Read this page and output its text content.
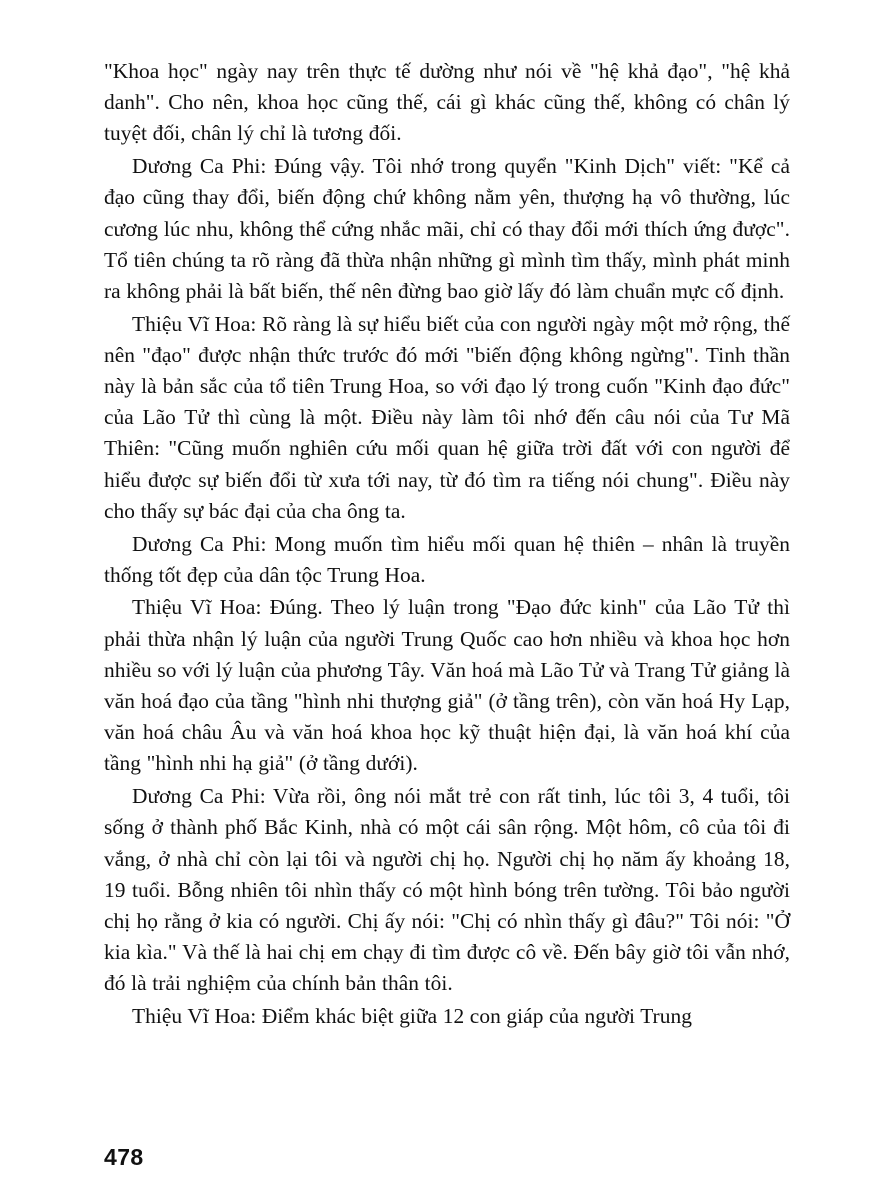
"Khoa học" ngày nay trên thực tế dường như nói về "hệ khả đạo", "hệ khả danh". Cho nên, khoa học cũng thế, cái gì khác cũng thế, không có chân lý tuyệt đối, chân lý chỉ là tương đối.

Dương Ca Phi: Đúng vậy. Tôi nhớ trong quyển "Kinh Dịch" viết: "Kể cả đạo cũng thay đổi, biến động chứ không nằm yên, thượng hạ vô thường, lúc cương lúc nhu, không thể cứng nhắc mãi, chỉ có thay đổi mới thích ứng được". Tổ tiên chúng ta rõ ràng đã thừa nhận những gì mình tìm thấy, mình phát minh ra không phải là bất biến, thế nên đừng bao giờ lấy đó làm chuẩn mực cố định.

Thiệu Vĩ Hoa: Rõ ràng là sự hiểu biết của con người ngày một mở rộng, thế nên "đạo" được nhận thức trước đó mới "biến động không ngừng". Tinh thần này là bản sắc của tổ tiên Trung Hoa, so với đạo lý trong cuốn "Kinh đạo đức" của Lão Tử thì cùng là một. Điều này làm tôi nhớ đến câu nói của Tư Mã Thiên: "Cũng muốn nghiên cứu mối quan hệ giữa trời đất với con người để hiểu được sự biến đổi từ xưa tới nay, từ đó tìm ra tiếng nói chung". Điều này cho thấy sự bác đại của cha ông ta.

Dương Ca Phi: Mong muốn tìm hiểu mối quan hệ thiên – nhân là truyền thống tốt đẹp của dân tộc Trung Hoa.

Thiệu Vĩ Hoa: Đúng. Theo lý luận trong "Đạo đức kinh" của Lão Tử thì phải thừa nhận lý luận của người Trung Quốc cao hơn nhiều và khoa học hơn nhiều so với lý luận của phương Tây. Văn hoá mà Lão Tử và Trang Tử giảng là văn hoá đạo của tầng "hình nhi thượng giả" (ở tầng trên), còn văn hoá Hy Lạp, văn hoá châu Âu và văn hoá khoa học kỹ thuật hiện đại, là văn hoá khí của tầng "hình nhi hạ giả" (ở tầng dưới).

Dương Ca Phi: Vừa rồi, ông nói mắt trẻ con rất tinh, lúc tôi 3, 4 tuổi, tôi sống ở thành phố Bắc Kinh, nhà có một cái sân rộng. Một hôm, cô của tôi đi vắng, ở nhà chỉ còn lại tôi và người chị họ. Người chị họ năm ấy khoảng 18, 19 tuổi. Bỗng nhiên tôi nhìn thấy có một hình bóng trên tường. Tôi bảo người chị họ rằng ở kia có người. Chị ấy nói: "Chị có nhìn thấy gì đâu?" Tôi nói: "Ở kia kìa." Và thế là hai chị em chạy đi tìm được cô về. Đến bây giờ tôi vẫn nhớ, đó là trải nghiệm của chính bản thân tôi.

Thiệu Vĩ Hoa: Điểm khác biệt giữa 12 con giáp của người Trung

478
